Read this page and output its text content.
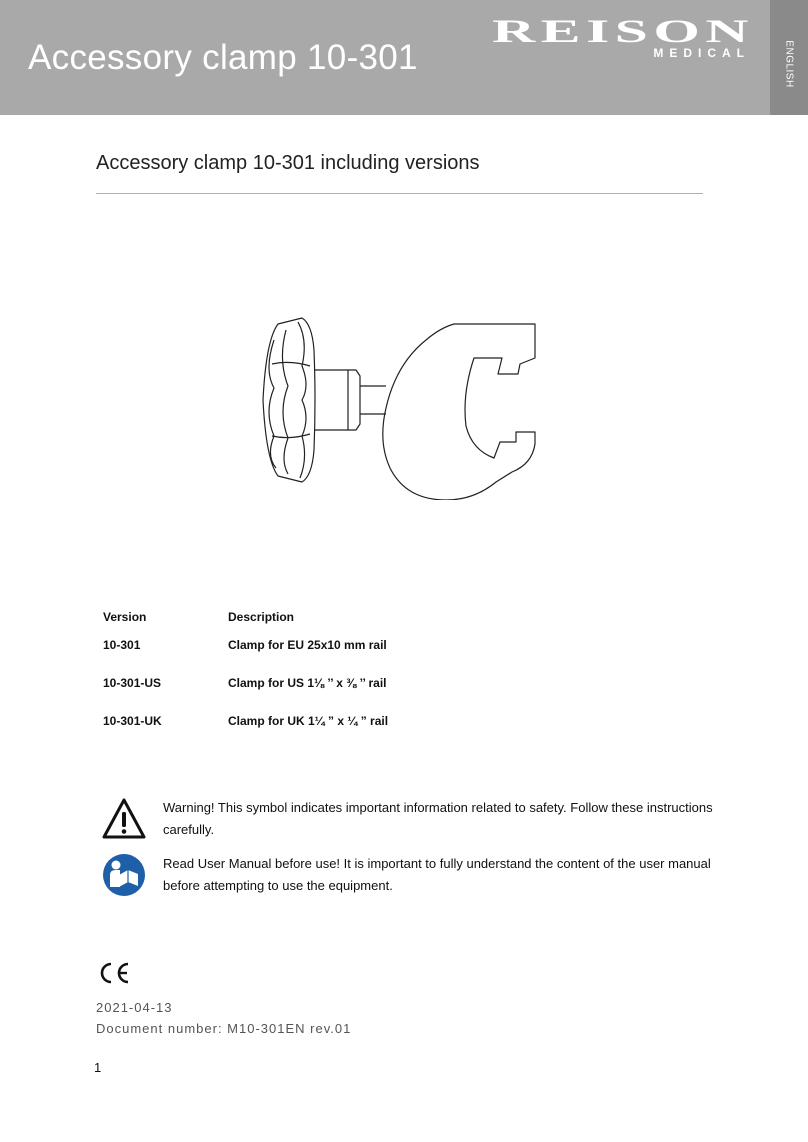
Accessory clamp 10-301
REISON
MEDICAL	ENGLISH
Accessory clamp 10-301 including versions
Version	Description
10-301	Clamp for EU 25x10 mm rail
10-301-US	Clamp for US 1⅛ ’’ x ⅜ ’’ rail
10-301-UK	Clamp for UK 1¼ ” x ¼ ” rail
Warning! This symbol indicates important information related to safety. Follow these instructions carefully.
Read User Manual before use! It is important to fully understand the content of the user manual before attempting to use the equipment.
2021-04-13
Document number: M10-301EN rev.01
1
